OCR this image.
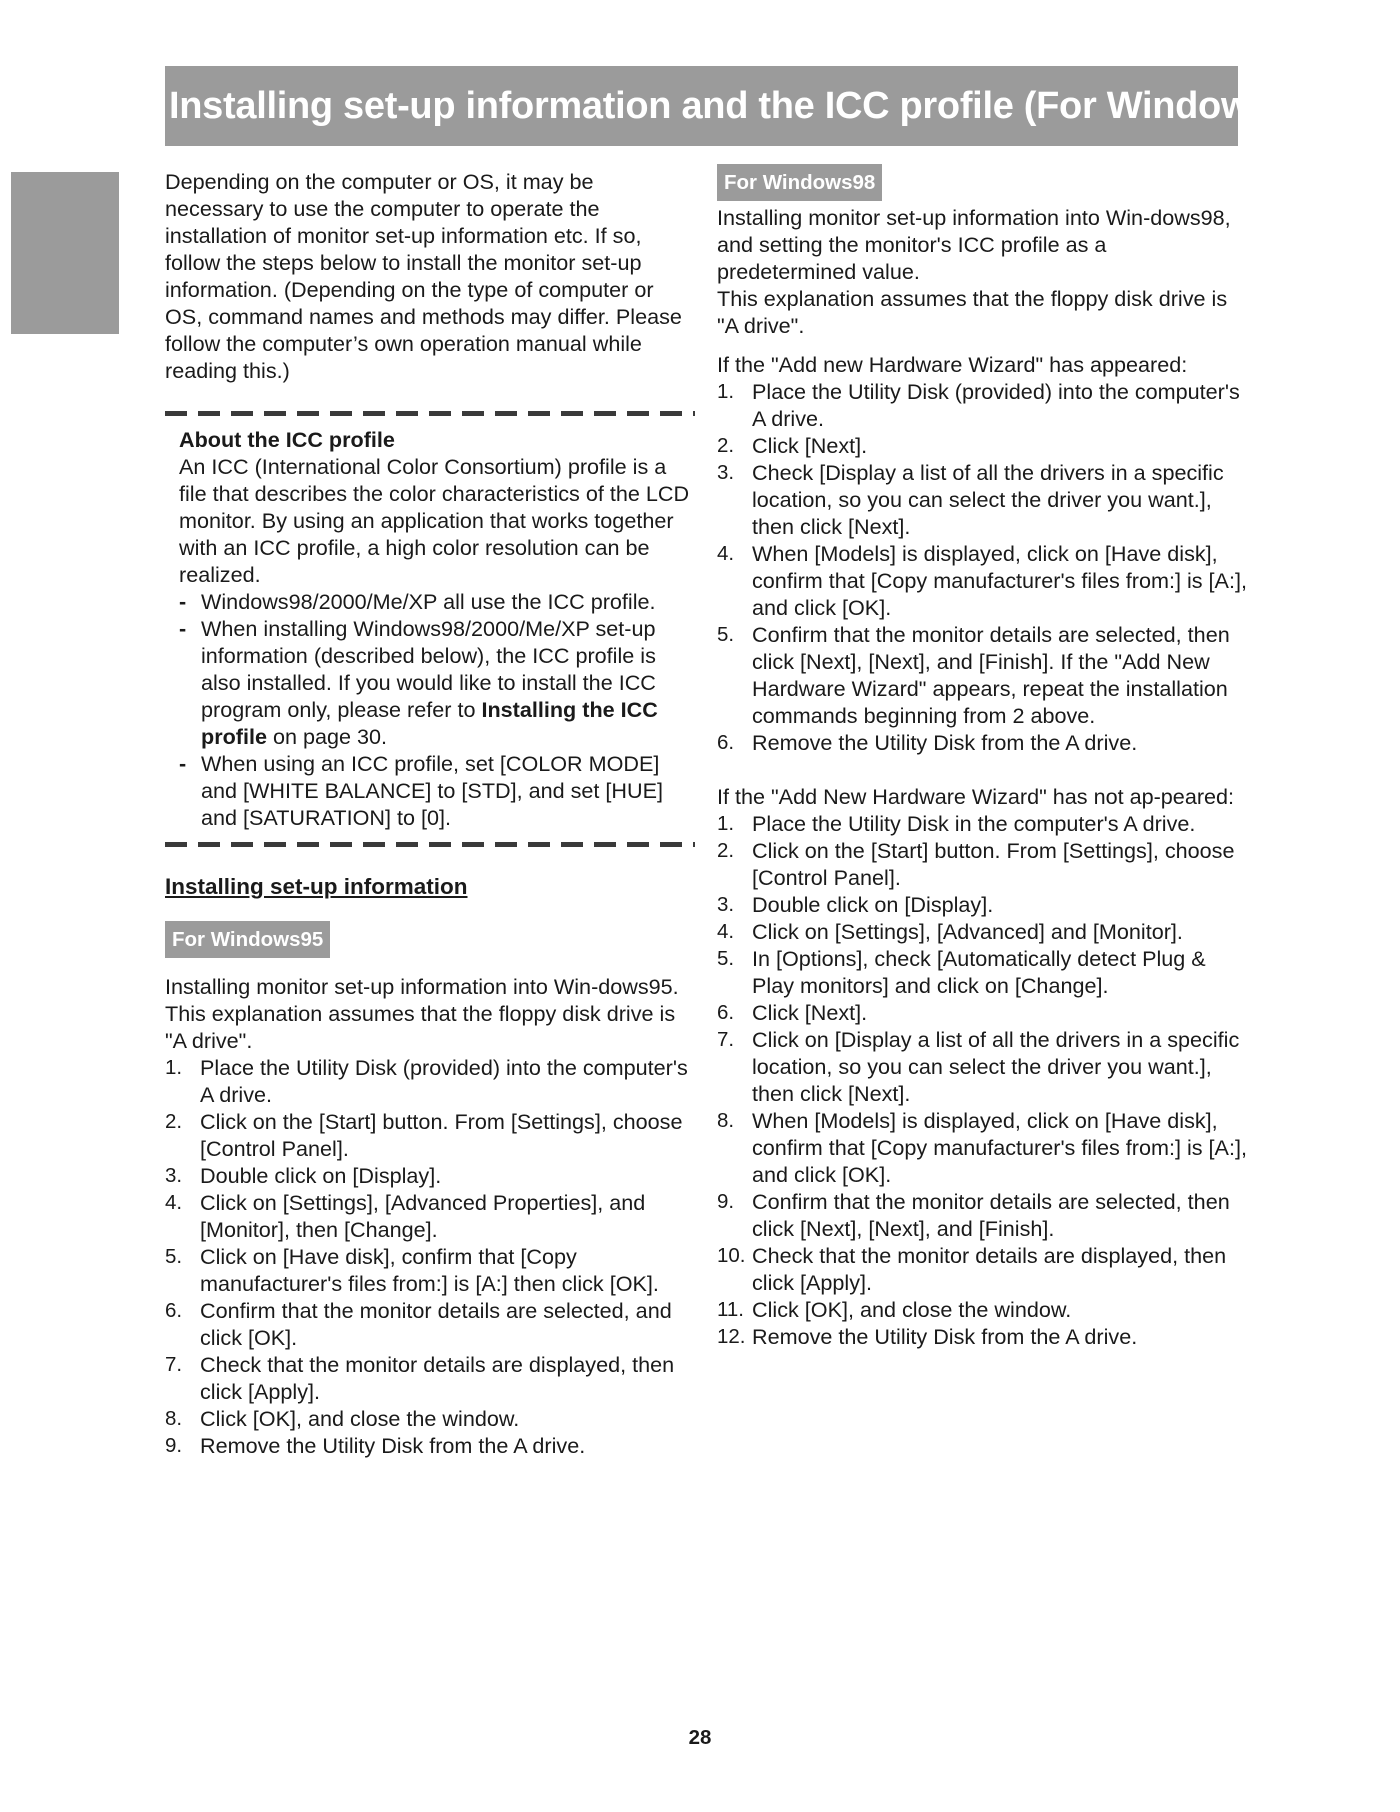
Installing set-up information and the ICC profile (For Windows)

Depending on the computer or OS, it may be necessary to use the computer to operate the installation of monitor set-up information etc. If so, follow the steps below to install the monitor set-up information. (Depending on the type of computer or OS, command names and methods may differ. Please follow the computer’s own operation manual while reading this.)

About the ICC profile

An ICC (International Color Consortium) profile is a file that describes the color characteristics of the LCD monitor. By using an application that works together with an ICC profile, a high color resolution can be realized.

- Windows98/2000/Me/XP all use the ICC profile.
- When installing Windows98/2000/Me/XP set-up information (described below), the ICC profile is also installed. If you would like to install the ICC program only, please refer to Installing the ICC profile on page 30.
- When using an ICC profile, set [COLOR MODE] and [WHITE BALANCE] to [STD], and set [HUE] and [SATURATION] to [0].

Installing set-up information

For Windows95

Installing monitor set-up information into Win-dows95.

This explanation assumes that the floppy disk drive is "A drive".

1. Place the Utility Disk (provided) into the computer's A drive.
2. Click on the [Start] button. From [Settings], choose [Control Panel].
3. Double click on [Display].
4. Click on [Settings], [Advanced Properties], and [Monitor], then [Change].
5. Click on [Have disk], confirm that [Copy manufacturer's files from:] is [A:] then click [OK].
6. Confirm that the monitor details are selected, and click [OK].
7. Check that the monitor details are displayed, then click [Apply].
8. Click [OK], and close the window.
9. Remove the Utility Disk from the A drive.
For Windows98

Installing monitor set-up information into Win-dows98, and setting the monitor's ICC profile as a predetermined value.

This explanation assumes that the floppy disk drive is "A drive".

If the "Add new Hardware Wizard" has appeared:

1. Place the Utility Disk (provided) into the computer's A drive.
2. Click [Next].
3. Check [Display a list of all the drivers in a specific location, so you can select the driver you want.], then click [Next].
4. When [Models] is displayed, click on [Have disk], confirm that [Copy manufacturer's files from:] is [A:], and click [OK].
5. Confirm that the monitor details are selected, then click [Next], [Next], and [Finish]. If the "Add New Hardware Wizard" appears, repeat the installation commands beginning from 2 above.
6. Remove the Utility Disk from the A drive.

If the "Add New Hardware Wizard" has not ap-peared:

1. Place the Utility Disk in the computer's A drive.
2. Click on the [Start] button. From [Settings], choose [Control Panel].
3. Double click on [Display].
4. Click on [Settings], [Advanced] and [Monitor].
5. In [Options], check [Automatically detect Plug & Play monitors] and click on [Change].
6. Click [Next].
7. Click on [Display a list of all the drivers in a specific location, so you can select the driver you want.], then click [Next].
8. When [Models] is displayed, click on [Have disk], confirm that [Copy manufacturer's files from:] is [A:], and click [OK].
9. Confirm that the monitor details are selected, then click [Next], [Next], and [Finish].
10. Check that the monitor details are displayed, then click [Apply].
11. Click [OK], and close the window.
12. Remove the Utility Disk from the A drive.
28
